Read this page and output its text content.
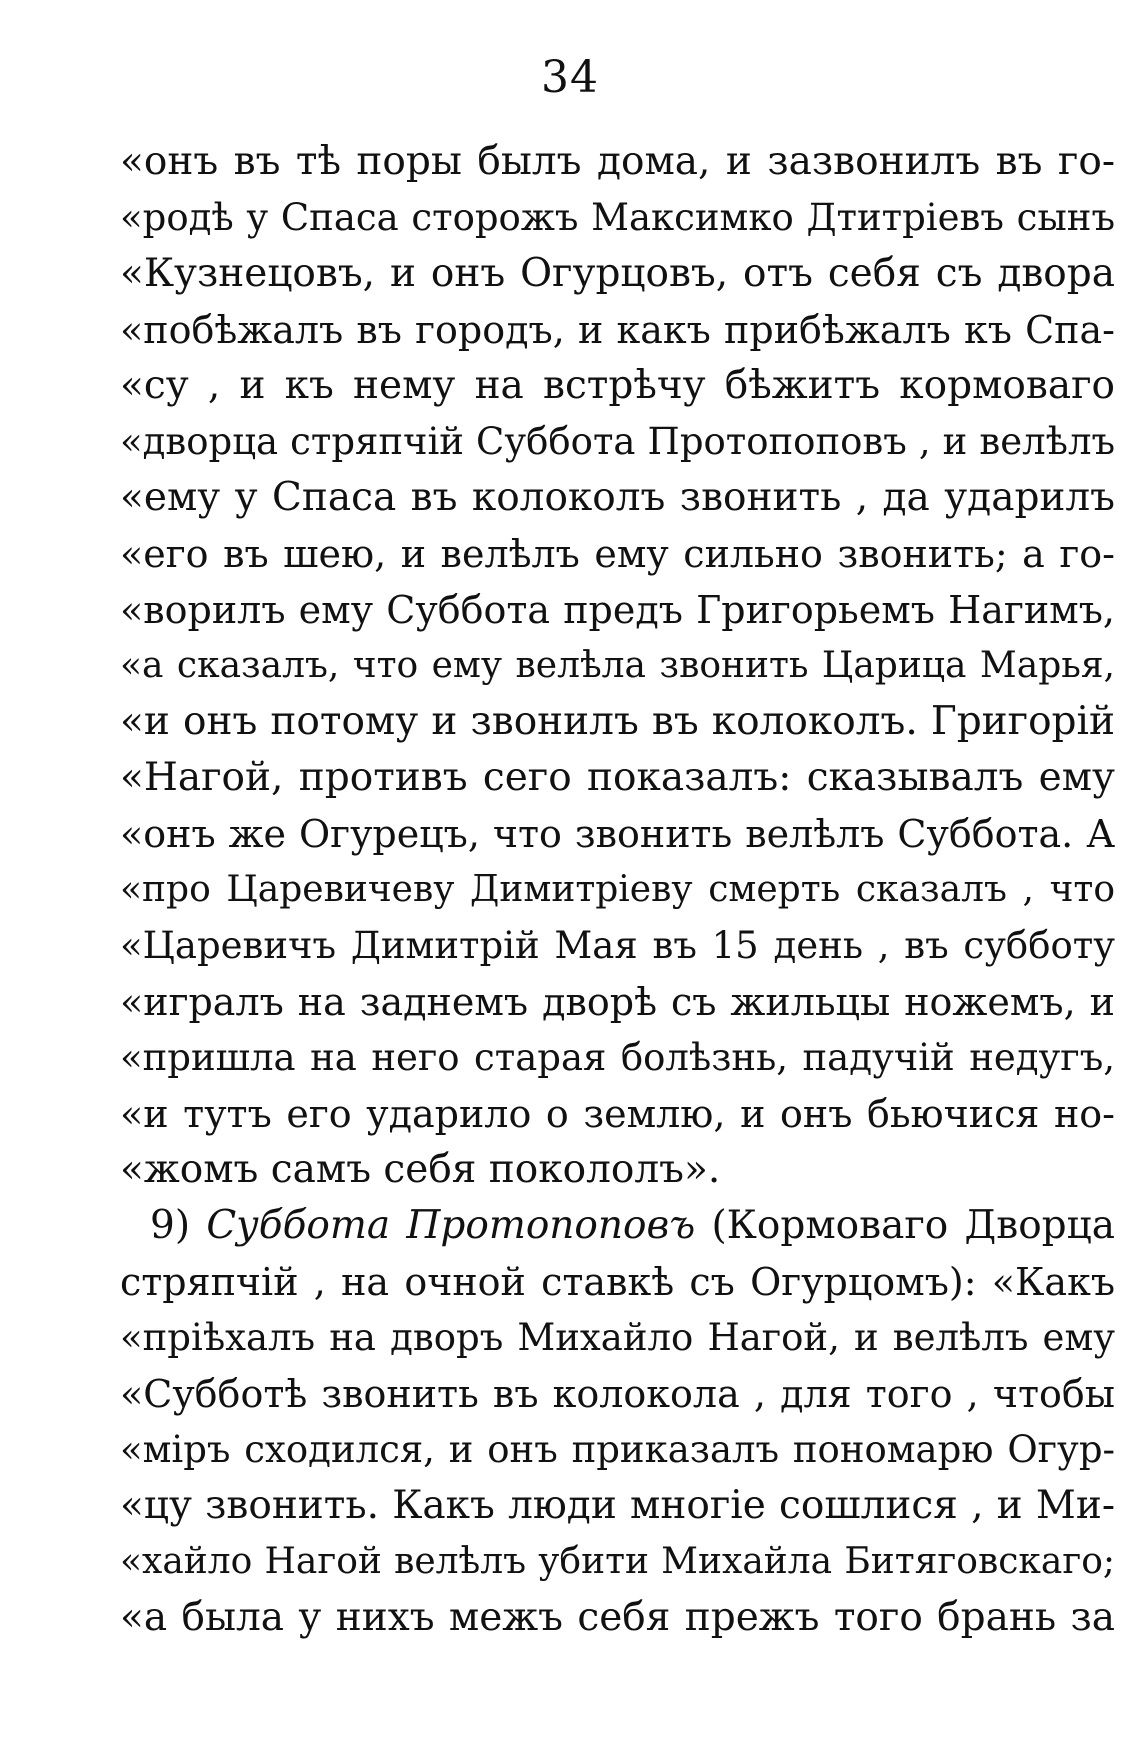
34
«онъ въ тѣ поры былъ дома, и зазвонилъ въ го-
«родѣ у Спаса сторожъ Максимко Дтитріевъ сынъ
«Кузнецовъ, и онъ Огурцовъ, отъ себя съ двора
«побѣжалъ въ городъ, и какъ прибѣжалъ къ Спа-
«су , и къ нему на встрѣчу бѣжитъ кормоваго
«дворца стряпчій Суббота Протопоповъ , и велѣлъ
«ему у Спаса въ колоколъ звонить , да ударилъ
«его въ шею, и велѣлъ ему сильно звонить; а го-
«ворилъ ему Суббота предъ Григорьемъ Нагимъ,
«а сказалъ, что ему велѣла звонить Царица Марья,
«и онъ потому и звонилъ въ колоколъ. Григорій
«Нагой, противъ сего показалъ: сказывалъ ему
«онъ же Огурецъ, что звонить велѣлъ Суббота. А
«про Царевичеву Димитріеву смерть сказалъ , что
«Царевичъ Димитрій Мая въ 15 день , въ субботу
«игралъ на заднемъ дворѣ съ жильцы ножемъ, и
«пришла на него старая болѣзнь, падучій недугъ,
«и тутъ его ударило о землю, и онъ бьючися но-
«жомъ самъ себя покололъ».
9) Суббота Протопоповъ (Кормоваго Дворца
стряпчій , на очной ставкѣ съ Огурцомъ): «Какъ
«пріѣхалъ на дворъ Михайло Нагой, и велѣлъ ему
«Субботѣ звонить въ колокола , для того , чтобы
«міръ сходился, и онъ приказалъ пономарю Огур-
«цу звонить. Какъ люди многіе сошлися , и Ми-
«хайло Нагой велѣлъ убити Михайла Битяговскаго;
«а была у нихъ межъ себя прежъ того брань за
